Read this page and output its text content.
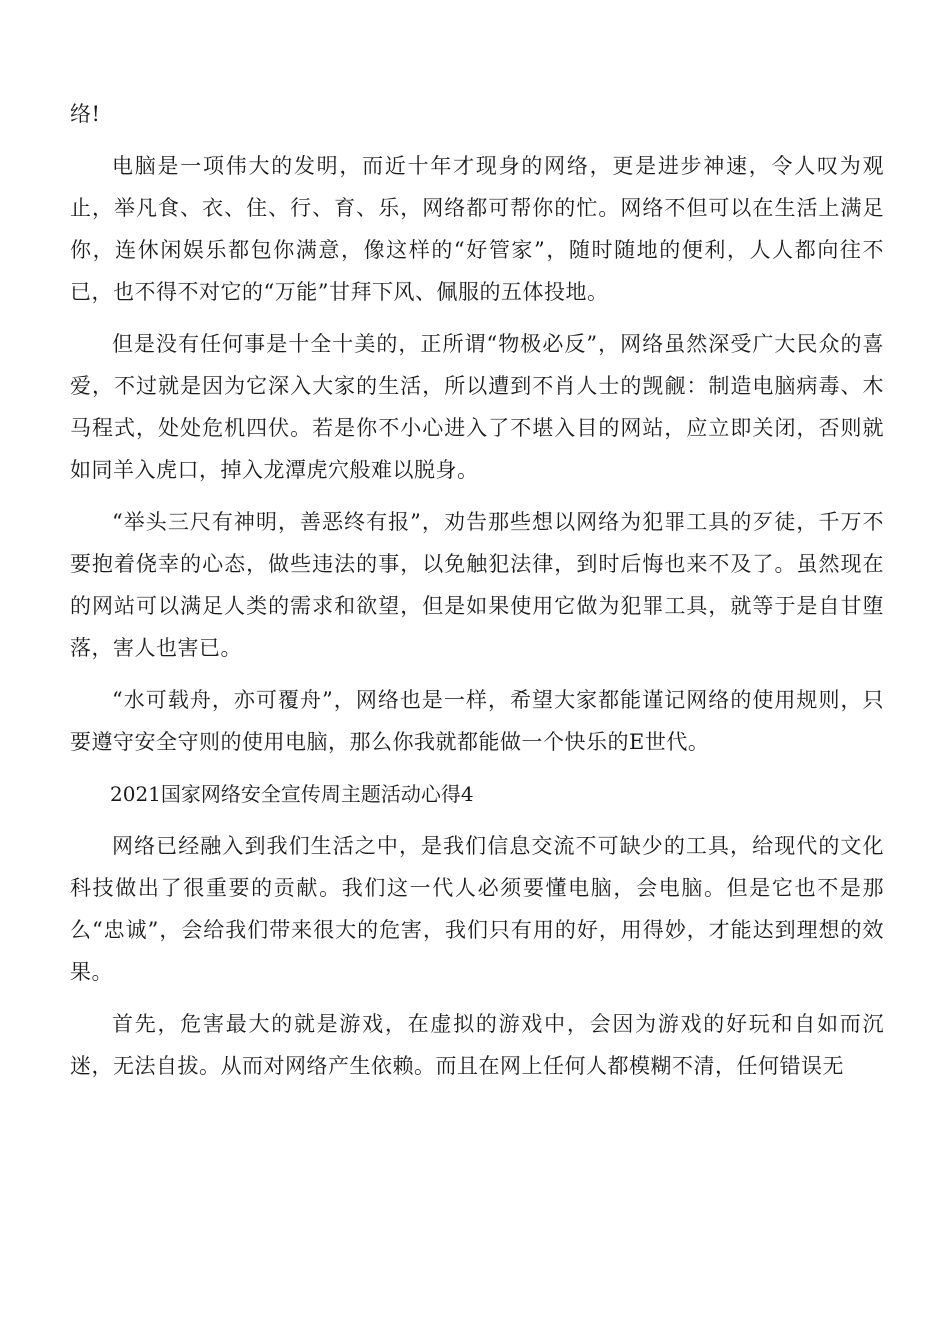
络!

电脑是一项伟大的发明，而近十年才现身的网络，更是进步神速，令人叹为观止，举凡食、衣、住、行、育、乐，网络都可帮你的忙。网络不但可以在生活上满足你，连休闲娱乐都包你满意，像这样的“好管家”，随时随地的便利，人人都向往不已，也不得不对它的“万能”甘拜下风、佩服的五体投地。

但是没有任何事是十全十美的，正所谓“物极必反”，网络虽然深受广大民众的喜爱，不过就是因为它深入大家的生活，所以遭到不肖人士的觊觎：制造电脑病毒、木马程式，处处危机四伏。若是你不小心进入了不堪入目的网站，应立即关闭，否则就如同羊入虎口，掉入龙潭虎穴般难以脱身。

“举头三尺有神明，善恶终有报”，劝告那些想以网络为犯罪工具的歹徒，千万不要抱着侥幸的心态，做些违法的事，以免触犯法律，到时后悔也来不及了。虽然现在的网站可以满足人类的需求和欲望，但是如果使用它做为犯罪工具，就等于是自甘堕落，害人也害已。

“水可载舟，亦可覆舟”，网络也是一样，希望大家都能谨记网络的使用规则，只要遵守安全守则的使用电脑，那么你我就都能做一个快乐的E世代。

2021国家网络安全宣传周主题活动心得4

网络已经融入到我们生活之中，是我们信息交流不可缺少的工具，给现代的文化科技做出了很重要的贡献。我们这一代人必须要懂电脑，会电脑。但是它也不是那么“忠诚”，会给我们带来很大的危害，我们只有用的好，用得妙，才能达到理想的效果。

首先，危害最大的就是游戏，在虚拟的游戏中，会因为游戏的好玩和自如而沉迷，无法自拔。从而对网络产生依赖。而且在网上任何人都模糊不清，任何错误无
